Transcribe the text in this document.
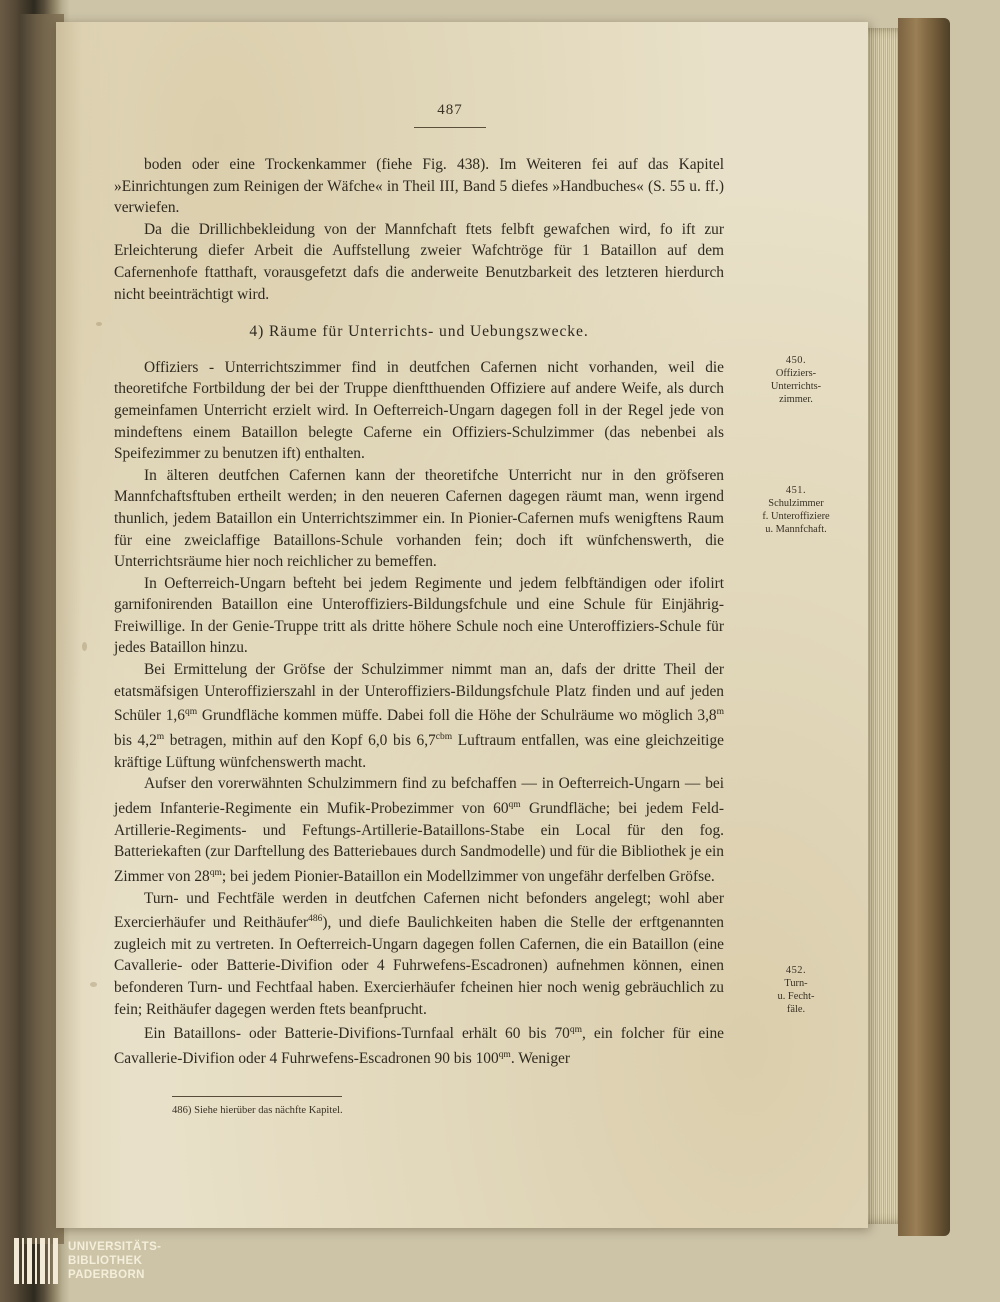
487

boden oder eine Trockenkammer (fiehe Fig. 438). Im Weiteren fei auf das Kapitel »Einrichtungen zum Reinigen der Wäfche« in Theil III, Band 5 diefes »Handbuches« (S. 55 u. ff.) verwiefen.

Da die Drillichbekleidung von der Mannfchaft ftets felbft gewafchen wird, fo ift zur Erleichterung diefer Arbeit die Auffstellung zweier Wafchtröge für 1 Bataillon auf dem Cafernenhofe ftatthaft, vorausgefetzt dafs die anderweite Benutzbarkeit des letzteren hierdurch nicht beeinträchtigt wird.

4) Räume für Unterrichts- und Uebungszwecke.

Offiziers - Unterrichtszimmer find in deutfchen Cafernen nicht vorhanden, weil die theoretifche Fortbildung der bei der Truppe dienftthuenden Offiziere auf andere Weife, als durch gemeinfamen Unterricht erzielt wird. In Oefterreich-Ungarn dagegen foll in der Regel jede von mindeftens einem Bataillon belegte Caferne ein Offiziers-Schulzimmer (das nebenbei als Speifezimmer zu benutzen ift) enthalten.

In älteren deutfchen Cafernen kann der theoretifche Unterricht nur in den gröfseren Mannfchaftsftuben ertheilt werden; in den neueren Cafernen dagegen räumt man, wenn irgend thunlich, jedem Bataillon ein Unterrichtszimmer ein. In Pionier-Cafernen mufs wenigftens Raum für eine zweiclaffige Bataillons-Schule vorhanden fein; doch ift wünfchenswerth, die Unterrichtsräume hier noch reichlicher zu bemeffen.

In Oefterreich-Ungarn befteht bei jedem Regimente und jedem felbftändigen oder ifolirt garnifonirenden Bataillon eine Unteroffiziers-Bildungsfchule und eine Schule für Einjährig-Freiwillige. In der Genie-Truppe tritt als dritte höhere Schule noch eine Unteroffiziers-Schule für jedes Bataillon hinzu.

Bei Ermittelung der Gröfse der Schulzimmer nimmt man an, dafs der dritte Theil der etatsmäfsigen Unteroffizierszahl in der Unteroffiziers-Bildungsfchule Platz finden und auf jeden Schüler $1,6^{qm}$ Grundfläche kommen müffe. Dabei foll die Höhe der Schulräume wo möglich 3,8$^m$ bis 4,2$^m$ betragen, mithin auf den Kopf 6,0 bis $6,7^{cbm}$ Luftraum entfallen, was eine gleichzeitige kräftige Lüftung wünfchenswerth macht.

Aufser den vorerwähnten Schulzimmern find zu befchaffen — in Oefterreich-Ungarn — bei jedem Infanterie-Regimente ein Mufik-Probezimmer von $60^{qm}$ Grundfläche; bei jedem Feld-Artillerie-Regiments- und Feftungs-Artillerie-Bataillons-Stabe ein Local für den fog. Batteriekaften (zur Darftellung des Batteriebaues durch Sandmodelle) und für die Bibliothek je ein Zimmer von $28^{qm}$; bei jedem Pionier-Bataillon ein Modellzimmer von ungefähr derfelben Gröfse.

Turn- und Fechtfäle werden in deutfchen Cafernen nicht befonders angelegt; wohl aber Exercierhäufer und Reithäufer$^{486}$), und diefe Baulichkeiten haben die Stelle der erftgenannten zugleich mit zu vertreten. In Oefterreich-Ungarn dagegen follen Cafernen, die ein Bataillon (eine Cavallerie- oder Batterie-Divifion oder 4 Fuhrwefens-Escadronen) aufnehmen können, einen befonderen Turn- und Fechtfaal haben. Exercierhäufer fcheinen hier noch wenig gebräuchlich zu fein; Reithäufer dagegen werden ftets beanfprucht.

Ein Bataillons- oder Batterie-Divifions-Turnfaal erhält 60 bis $70^{qm}$, ein folcher für eine Cavallerie-Divifion oder 4 Fuhrwefens-Escadronen 90 bis $100^{qm}$. Weniger

450.
Offiziers-
Unterrichts-
zimmer.
451.
Schulzimmer
f. Unteroffiziere
u. Mannfchaft.
452.
Turn-
u. Fecht-
fäle.
486) Siehe hierüber das nächfte Kapitel.
UNIVERSITÄTS-
BIBLIOTHEK
PADERBORN
